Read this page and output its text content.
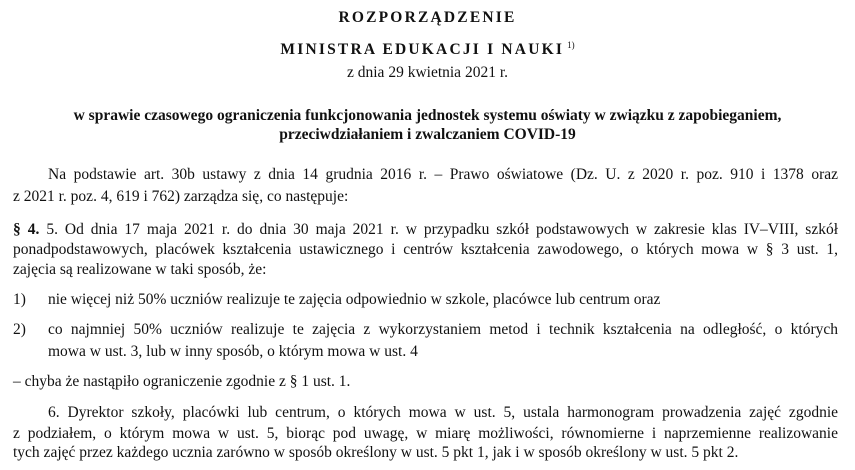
ROZPORZĄDZENIE
MINISTRA EDUKACJI I NAUKI $^{1)}$
z dnia 29 kwietnia 2021 r.
w sprawie czasowego ograniczenia funkcjonowania jednostek systemu oświaty w związku z zapobieganiem,
przeciwdziałaniem i zwalczaniem COVID-19
Na podstawie art. 30b ustawy z dnia 14 grudnia 2016 r. – Prawo oświatowe (Dz. U. z 2020 r. poz. 910 i 1378 oraz
z 2021 r. poz. 4, 619 i 762) zarządza się, co następuje:
§ 4. 5. Od dnia 17 maja 2021 r. do dnia 30 maja 2021 r. w przypadku szkół podstawowych w zakresie klas IV–VIII, szkół
ponadpodstawowych, placówek kształcenia ustawicznego i centrów kształcenia zawodowego, o których mowa w § 3 ust. 1,
zajęcia są realizowane w taki sposób, że:
1) nie więcej niż 50% uczniów realizuje te zajęcia odpowiednio w szkole, placówce lub centrum oraz
2) co najmniej 50% uczniów realizuje te zajęcia z wykorzystaniem metod i technik kształcenia na odległość, o których
mowa w ust. 3, lub w inny sposób, o którym mowa w ust. 4
– chyba że nastąpiło ograniczenie zgodnie z § 1 ust. 1.
6. Dyrektor szkoły, placówki lub centrum, o których mowa w ust. 5, ustala harmonogram prowadzenia zajęć zgodnie
z podziałem, o którym mowa w ust. 5, biorąc pod uwagę, w miarę możliwości, równomierne i naprzemienne realizowanie
tych zajęć przez każdego ucznia zarówno w sposób określony w ust. 5 pkt 1, jak i w sposób określony w ust. 5 pkt 2.
